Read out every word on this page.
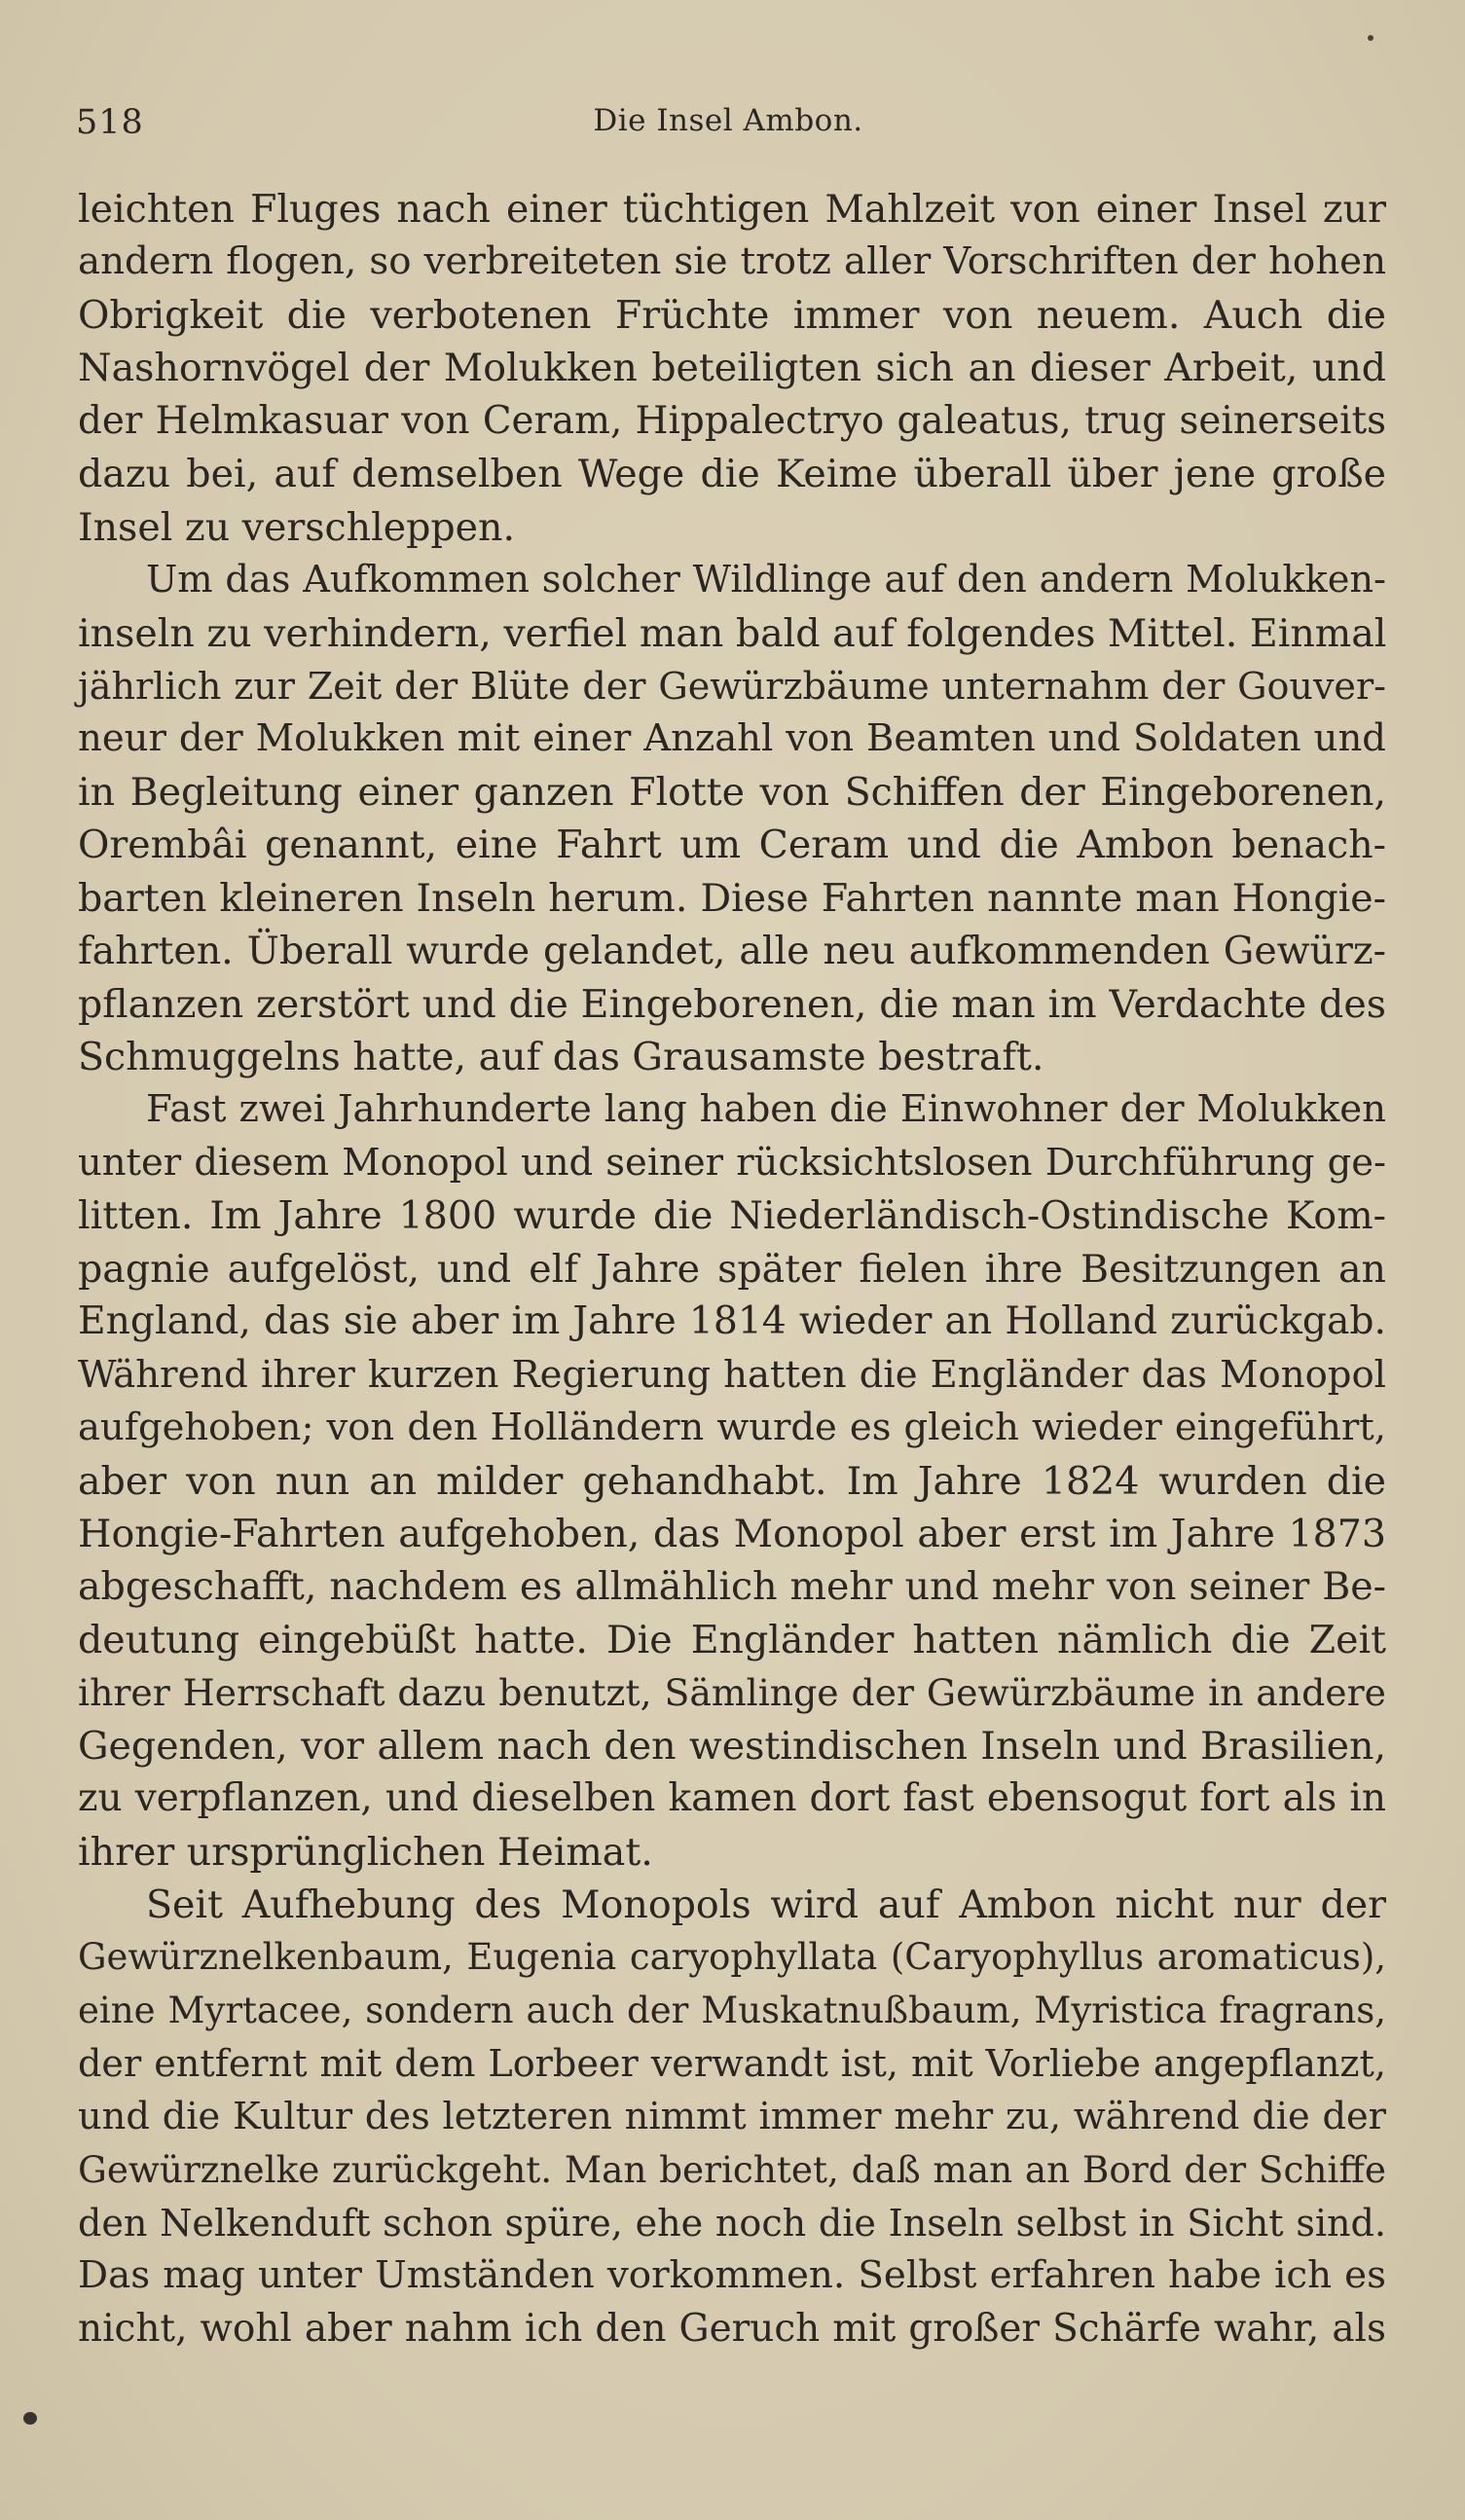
518	Die Insel Ambon.
leichten Fluges nach einer tüchtigen Mahlzeit von einer Insel zur
andern flogen, so verbreiteten sie trotz aller Vorschriften der hohen
Obrigkeit die verbotenen Früchte immer von neuem. Auch die
Nashornvögel der Molukken beteiligten sich an dieser Arbeit, und
der Helmkasuar von Ceram, Hippalectryo galeatus, trug seinerseits
dazu bei, auf demselben Wege die Keime überall über jene große
Insel zu verschleppen.
Um das Aufkommen solcher Wildlinge auf den andern Molukken-
inseln zu verhindern, verfiel man bald auf folgendes Mittel. Einmal
jährlich zur Zeit der Blüte der Gewürzbäume unternahm der Gouver-
neur der Molukken mit einer Anzahl von Beamten und Soldaten und
in Begleitung einer ganzen Flotte von Schiffen der Eingeborenen,
Orembâi genannt, eine Fahrt um Ceram und die Ambon benach-
barten kleineren Inseln herum. Diese Fahrten nannte man Hongie-
fahrten. Überall wurde gelandet, alle neu aufkommenden Gewürz-
pflanzen zerstört und die Eingeborenen, die man im Verdachte des
Schmuggelns hatte, auf das Grausamste bestraft.
Fast zwei Jahrhunderte lang haben die Einwohner der Molukken
unter diesem Monopol und seiner rücksichtslosen Durchführung ge-
litten. Im Jahre 1800 wurde die Niederländisch-Ostindische Kom-
pagnie aufgelöst, und elf Jahre später fielen ihre Besitzungen an
England, das sie aber im Jahre 1814 wieder an Holland zurückgab.
Während ihrer kurzen Regierung hatten die Engländer das Monopol
aufgehoben; von den Holländern wurde es gleich wieder eingeführt,
aber von nun an milder gehandhabt. Im Jahre 1824 wurden die
Hongie-Fahrten aufgehoben, das Monopol aber erst im Jahre 1873
abgeschafft, nachdem es allmählich mehr und mehr von seiner Be-
deutung eingebüßt hatte. Die Engländer hatten nämlich die Zeit
ihrer Herrschaft dazu benutzt, Sämlinge der Gewürzbäume in andere
Gegenden, vor allem nach den westindischen Inseln und Brasilien,
zu verpflanzen, und dieselben kamen dort fast ebensogut fort als in
ihrer ursprünglichen Heimat.
Seit Aufhebung des Monopols wird auf Ambon nicht nur der
Gewürznelkenbaum, Eugenia caryophyllata (Caryophyllus aromaticus),
eine Myrtacee, sondern auch der Muskatnußbaum, Myristica fragrans,
der entfernt mit dem Lorbeer verwandt ist, mit Vorliebe angepflanzt,
und die Kultur des letzteren nimmt immer mehr zu, während die der
Gewürznelke zurückgeht. Man berichtet, daß man an Bord der Schiffe
den Nelkenduft schon spüre, ehe noch die Inseln selbst in Sicht sind.
Das mag unter Umständen vorkommen. Selbst erfahren habe ich es
nicht, wohl aber nahm ich den Geruch mit großer Schärfe wahr, als
